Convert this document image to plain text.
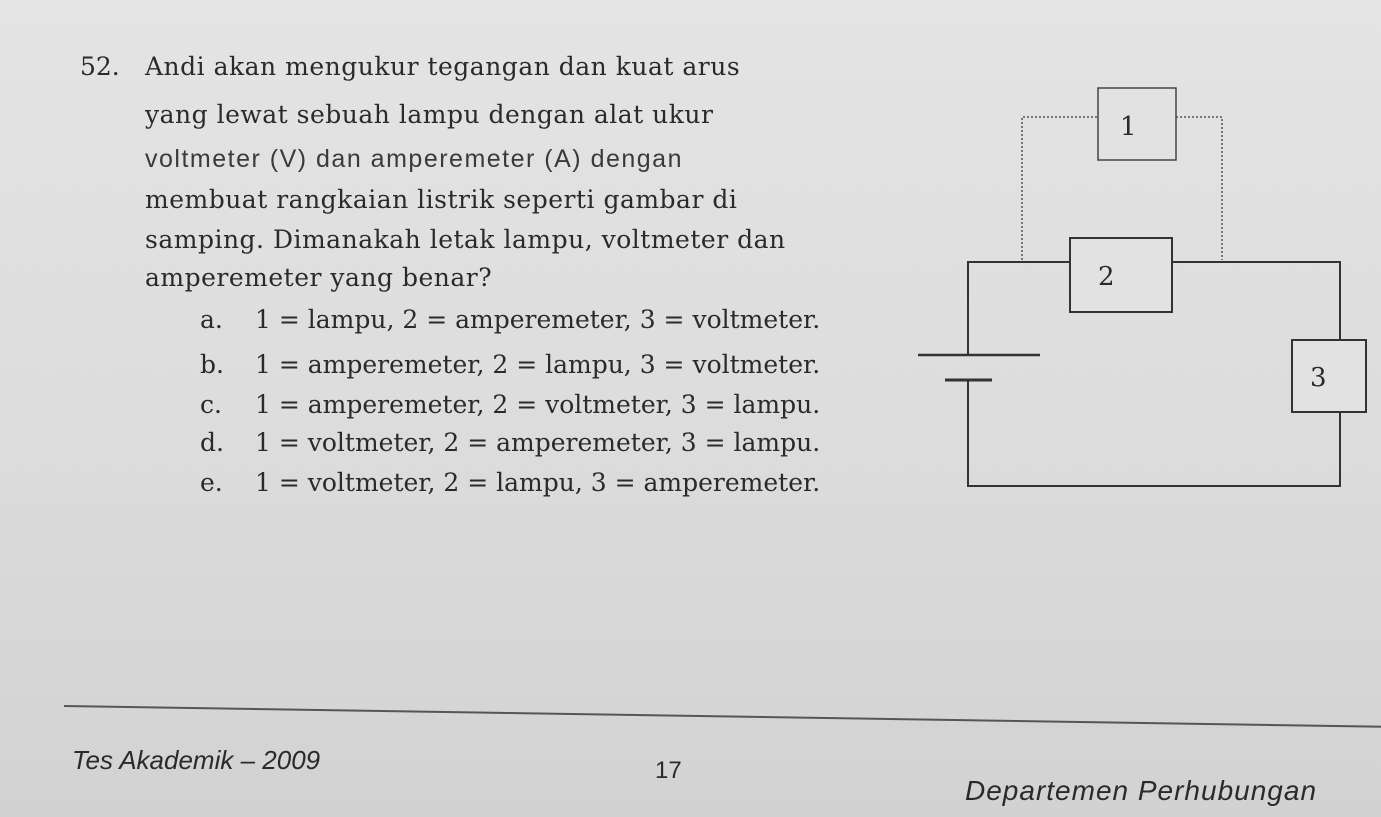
52. Andi akan mengukur tegangan dan kuat arus
yang lewat sebuah lampu dengan alat ukur
voltmeter (V) dan amperemeter (A) dengan
membuat rangkaian listrik seperti gambar di
samping. Dimanakah letak lampu, voltmeter dan
amperemeter yang benar?
a.	1 = lampu, 2 = amperemeter, 3 = voltmeter.
b.	1 = amperemeter, 2 = lampu, 3 = voltmeter.
c.	1 = amperemeter, 2 = voltmeter, 3 = lampu.
d.	1 = voltmeter, 2 = amperemeter, 3 = lampu.
e.	1 = voltmeter, 2 = lampu, 3 = amperemeter.
1
2
3
Tes Akademik – 2009	17
Departemen Perhubungan
